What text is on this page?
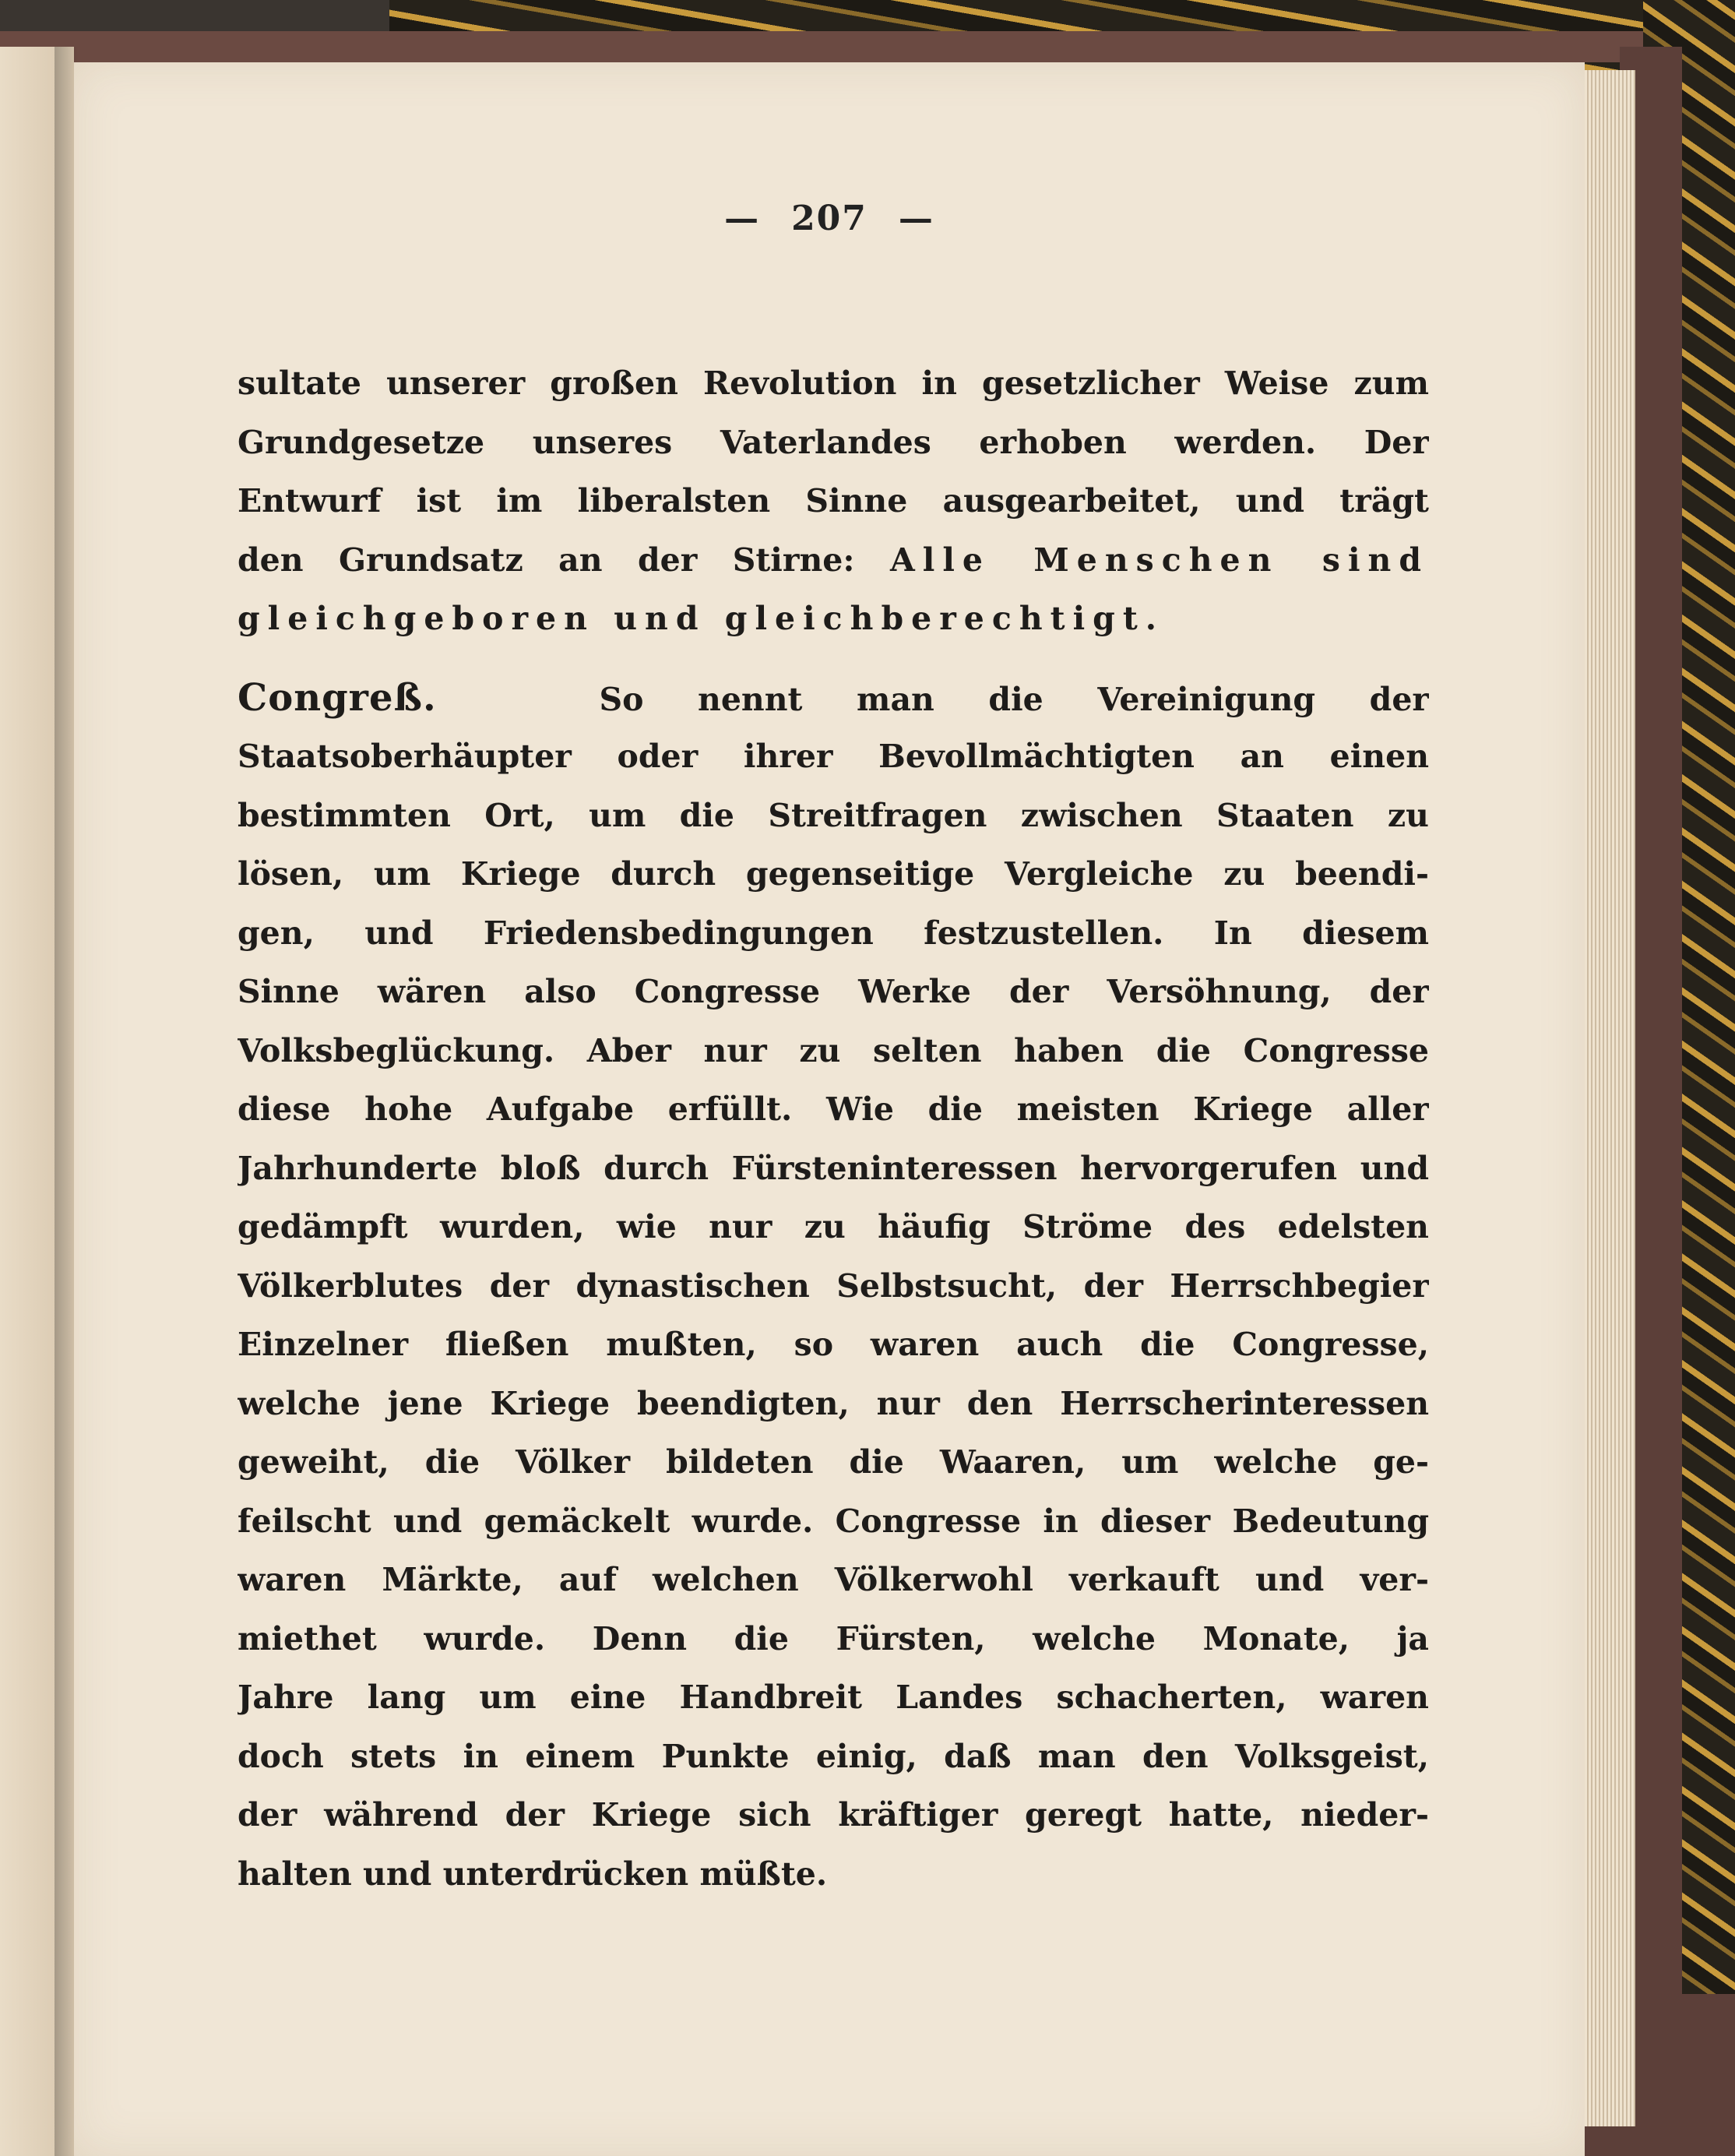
— 207 —
sultate unserer großen Revolution in gesetzlicher Weise zum
Grundgesetze unseres Vaterlandes erhoben werden. Der
Entwurf ist im liberalsten Sinne ausgearbeitet, und trägt
den Grundsatz an der Stirne: Alle Menschen sind
gleichgeboren und gleichberechtigt.
Congreß.	So nennt man die Vereinigung der
Staatsoberhäupter oder ihrer Bevollmächtigten an einen
bestimmten Ort, um die Streitfragen zwischen Staaten zu
lösen, um Kriege durch gegenseitige Vergleiche zu beendi-
gen, und Friedensbedingungen festzustellen. In diesem
Sinne wären also Congresse Werke der Versöhnung, der
Volksbeglückung. Aber nur zu selten haben die Congresse
diese hohe Aufgabe erfüllt. Wie die meisten Kriege aller
Jahrhunderte bloß durch Fürsteninteressen hervorgerufen und
gedämpft wurden, wie nur zu häufig Ströme des edelsten
Völkerblutes der dynastischen Selbstsucht, der Herrschbegier
Einzelner fließen mußten, so waren auch die Congresse,
welche jene Kriege beendigten, nur den Herrscherinteressen
geweiht, die Völker bildeten die Waaren, um welche ge-
feilscht und gemäckelt wurde. Congresse in dieser Bedeutung
waren Märkte, auf welchen Völkerwohl verkauft und ver-
miethet wurde. Denn die Fürsten, welche Monate, ja
Jahre lang um eine Handbreit Landes schacherten, waren
doch stets in einem Punkte einig, daß man den Volksgeist,
der während der Kriege sich kräftiger geregt hatte, nieder-
halten und unterdrücken müßte.
